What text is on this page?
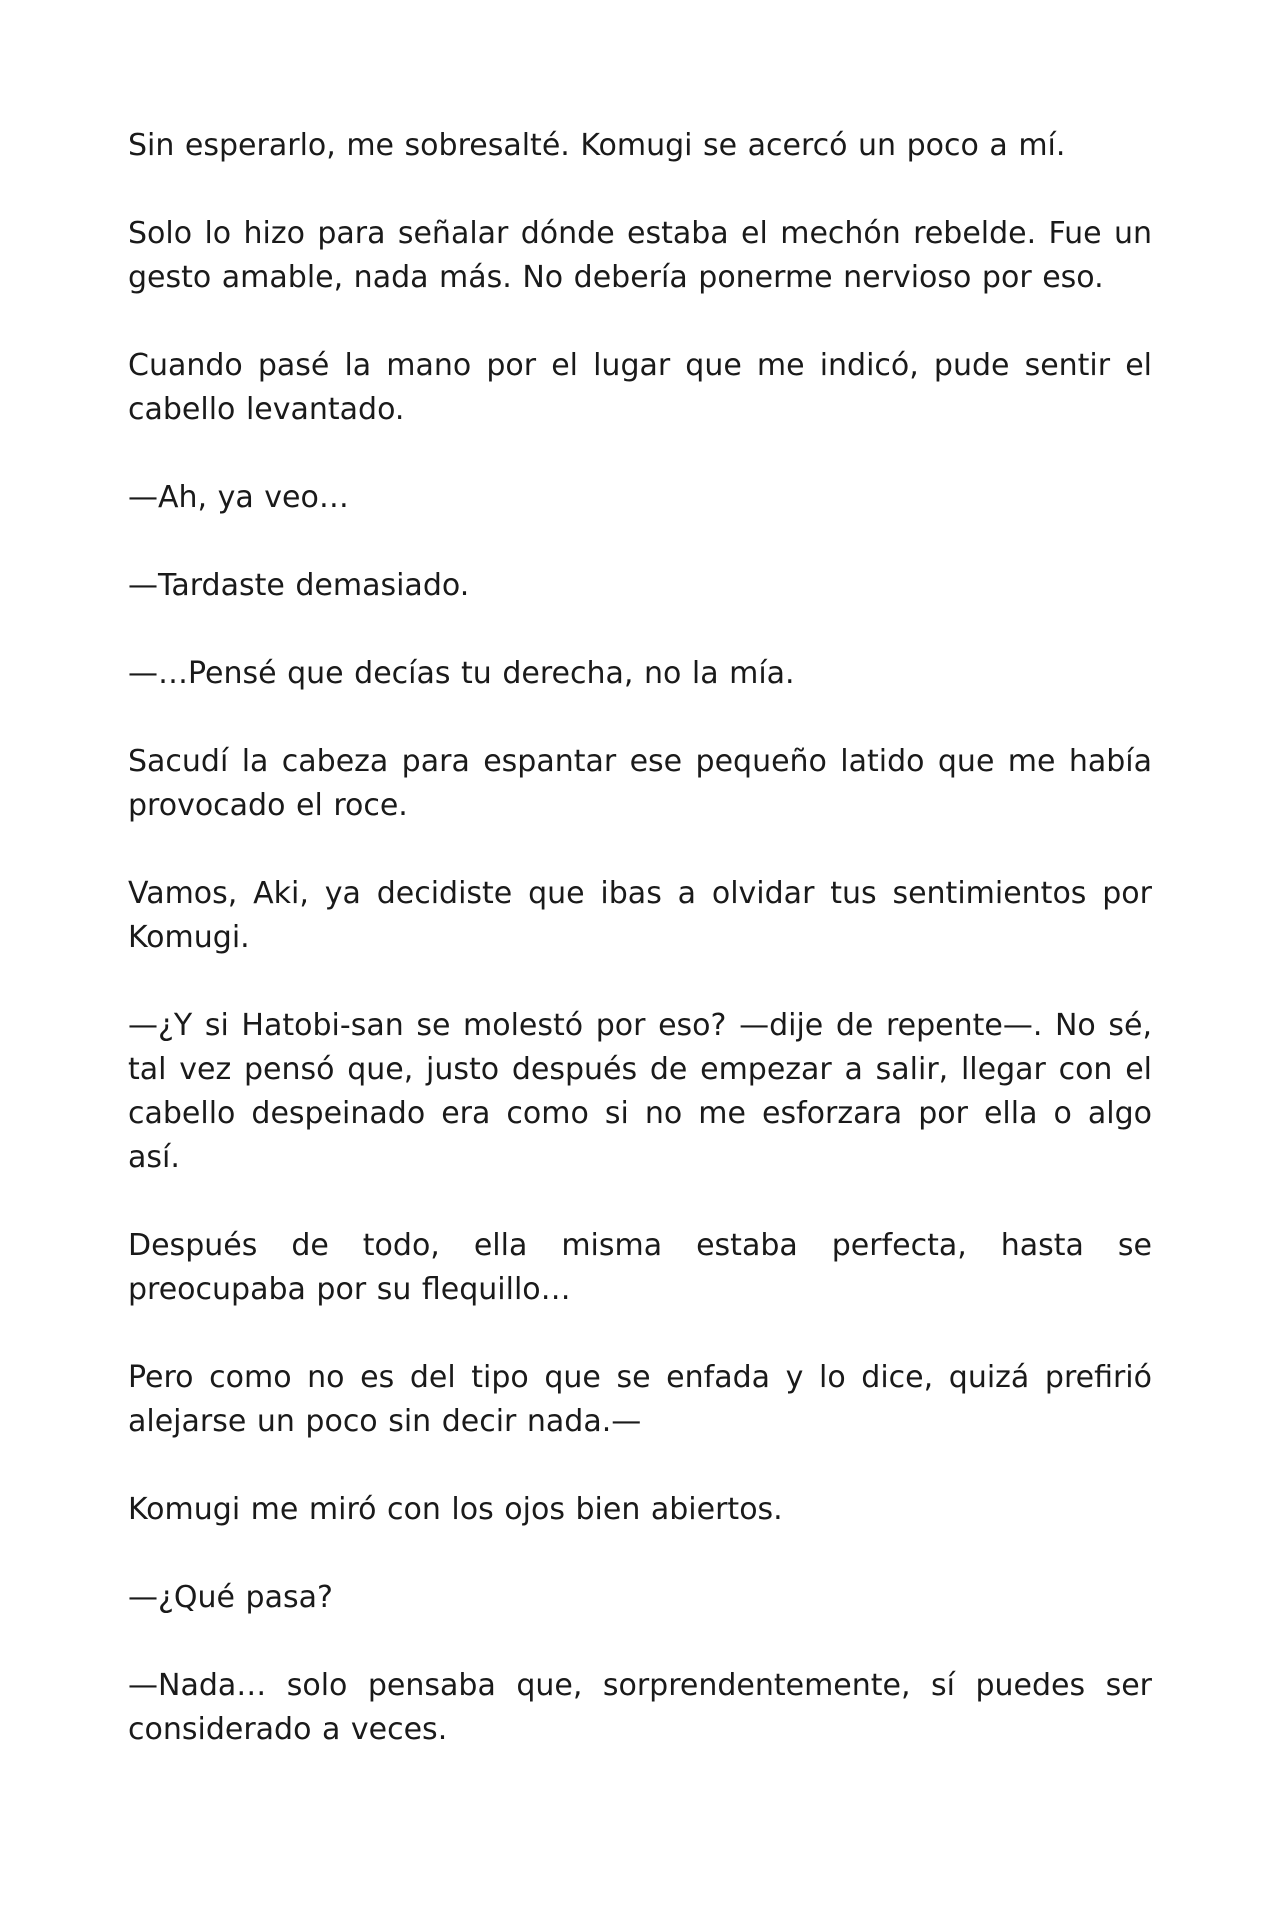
Sin esperarlo, me sobresalté. Komugi se acercó un poco a mí.

Solo lo hizo para señalar dónde estaba el mechón rebelde. Fue un gesto amable, nada más. No debería ponerme nervioso por eso.

Cuando pasé la mano por el lugar que me indicó, pude sentir el cabello levantado.

—Ah, ya veo…

—Tardaste demasiado.

—…Pensé que decías tu derecha, no la mía.

Sacudí la cabeza para espantar ese pequeño latido que me había provocado el roce.

Vamos, Aki, ya decidiste que ibas a olvidar tus sentimientos por Komugi.

—¿Y si Hatobi-san se molestó por eso? —dije de repente—. No sé, tal vez pensó que, justo después de empezar a salir, llegar con el cabello despeinado era como si no me esforzara por ella o algo así.

Después de todo, ella misma estaba perfecta, hasta se preocupaba por su flequillo…

Pero como no es del tipo que se enfada y lo dice, quizá prefirió alejarse un poco sin decir nada.—

Komugi me miró con los ojos bien abiertos.

—¿Qué pasa?

—Nada… solo pensaba que, sorprendentemente, sí puedes ser considerado a veces.
